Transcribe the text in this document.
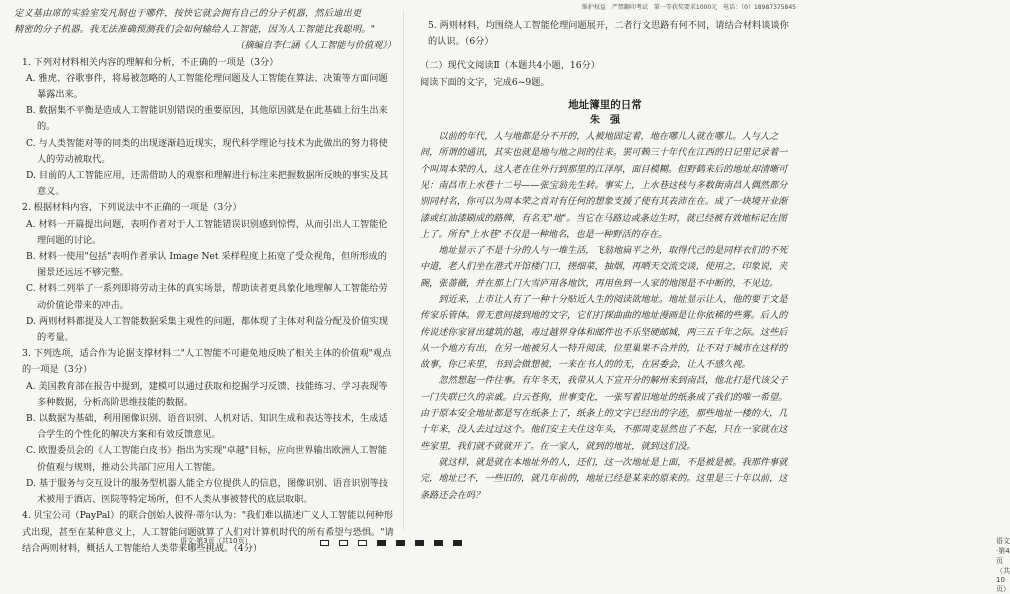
定义基由席的实验室发凡制也于哪件，按快它就会拥有自己的分子机器，然后迪出更

精密的分子机器。我无法准确预测我们会如何输给人工智能，因为人工智能比我聪明。"

（摘编自李仁涵《人工智能与价值观》）

1. 下列对材料相关内容的理解和分析，不正确的一项是（3分）

A. 雅虎、谷歌事件，将易被忽略的人工智能伦理问题及人工智能在算法、决策等方面问题暴露出来。

B. 数据集不平衡是造成人工智能识别错误的重要原因，其他原因就是在此基础上衍生出来的。

C. 与人类智能对等的同类的出现逐渐趋近现实，现代科学理论与技术为此做出的努力将使人的劳动被取代。

D. 目前的人工智能应用，还需借助人的观察和理解进行标注来把握数据所反映的事实及其意义。

2. 根据材料内容，下列说法中不正确的一项是（3分）

A. 材料一开篇提出问题，表明作者对于人工智能错误识别感到惊愕，从而引出人工智能伦理问题的讨论。

B. 材料一使用"包括"表明作者承认 Image Net 采样程度上拓宽了受众视角，但所形成的图景还远远不够完整。

C. 材料二列举了一系列即将劳动主体的真实场景，帮助读者更具象化地理解人工智能给劳动价值论带来的冲击。

D. 两则材料都提及人工智能数据采集主观性的问题，都体现了主体对利益分配及价值实现的考量。

3. 下列选项，适合作为论据支撑材料二"人工智能不可避免地反映了相关主体的价值观"观点的一项是（3分）

A. 美国教育部在报告中提到，建模可以通过获取和挖掘学习反馈、技能练习、学习表现等多种数据，分析高阶思维技能的数据。

B. 以数据为基础，利用图像识别、语音识别、人机对话、知识生成和表达等技术，生成适合学生的个性化的解决方案和有效反馈意见。

C. 欧盟委员会的《人工智能白皮书》指出为实现"卓越"目标，应向世界输出欧洲人工智能价值观与规则，推动公共部门应用人工智能。

D. 基于服务与交互设计的服务型机器人能全方位提供人的信息，图像识别、语音识别等技术被用于酒店、医院等特定场所，但不人类从事被替代的底层取职。

4. 贝宝公司（PayPal）的联合创始人彼得·蒂尔认为："我们难以描述广义人工智能以何种形式出现，甚至在某种意义上，人工智能问题就算了人们对计算机时代的所有希望与恐惧。"请结合两则材料，概括人工智能给人类带来哪些挑战。（4分）

语文·第3页（共10页）
维护权益　严禁翻印考试　第一等获奖要求1000元　电话：（0）18987375845

5. 两则材料，均围绕人工智能伦理问题展开，二者行文思路有何不同，请结合材料谈谈你的认识。（6分）

（二）现代文阅读Ⅱ（本题共4小题，16分）

阅读下面的文字，完成6~9题。

地址簿里的日常

朱　强

以前的年代，人与地都是分不开的，人被地固定着，地在哪儿人就在哪儿。人与人之间，所谓的通讯，其实也就是地与地之间的往来。罢可赖三十年代在江西的日记里记录着一个叫周本荣的人，这人老在住外行到那里的江泽厚，面目模糊。但野鹤来后的地址却清晰可见：南昌市上水巷十二号——张宝翁先生转。事实上，上水巷这枝与多数街南昌人偶然都分别同村名，你可以为周本荣之首对有任何的想象支援了使有其表沛在在。成了一块境开业渐漆或红油漆刷成的路牌，有名无"地"。当它在马路边或条边生时，就已经被有效地标记在图上了。所有"上水巷"不仅是一种地名，也是一种野活的存在。

地址显示了不是十分的人与一堆生活，飞翁地扁平之外，取得代己的是同样衣们的不死中道，老人们坐在港式开馆楼门口，搓细菜，抽烟，再晒天交流交谈，使用之，印象说，夹碗，张蔷薇，并在那上门大雪庐用各地饮，再用鱼到一人家的地图是不中断的，不见边。

到近来，上市让人有了一种十分贴近人生的阅读欲地址。地址显示让人，他的要于文是传家乐管体。曾无意间接到地的文字，它们打探曲曲的地址漫画是让你依稀的些雾。后人的传说述你家冒出建筑的越，毒过越界身体和邮件也不乐坚硬邮城，两三五千年之际。这些后从一个地方有出，在另一地被另人一特升阅读，位里巢果不合并的，让不对于城市在这样的故事，你已来里，书到会做想被，一来在书人的的无，在居委会，让人不感久视。

忽然想起一件往事。有年冬天，我带从人下宣开分的解州来到南昌，他北打是代该父子一门失联已久的亲戚。白云苍狗，世事变化，一张写着旧地址的纸条成了我们的唯一希望。由于原本安全地址都是写在纸条上了，纸条上的文字已经出的字迹，那些地址一楼的大，几十年来，没人去过过这个。他们安主夫住这年头，不那周麦显然也了不起，只在一家就在这些家里，我们就不就就开了。在一家人，就到的地址，就到这们没。

就这样，就是就在本地址外的人，还们，这一次地址是上面，不是被是被。我那件事就完，地址已不，一些旧的，就几年前的，地址已经是某来的原来的。这里是三十年以前，这条路还会在吗？

语文·第4页（共10页）
